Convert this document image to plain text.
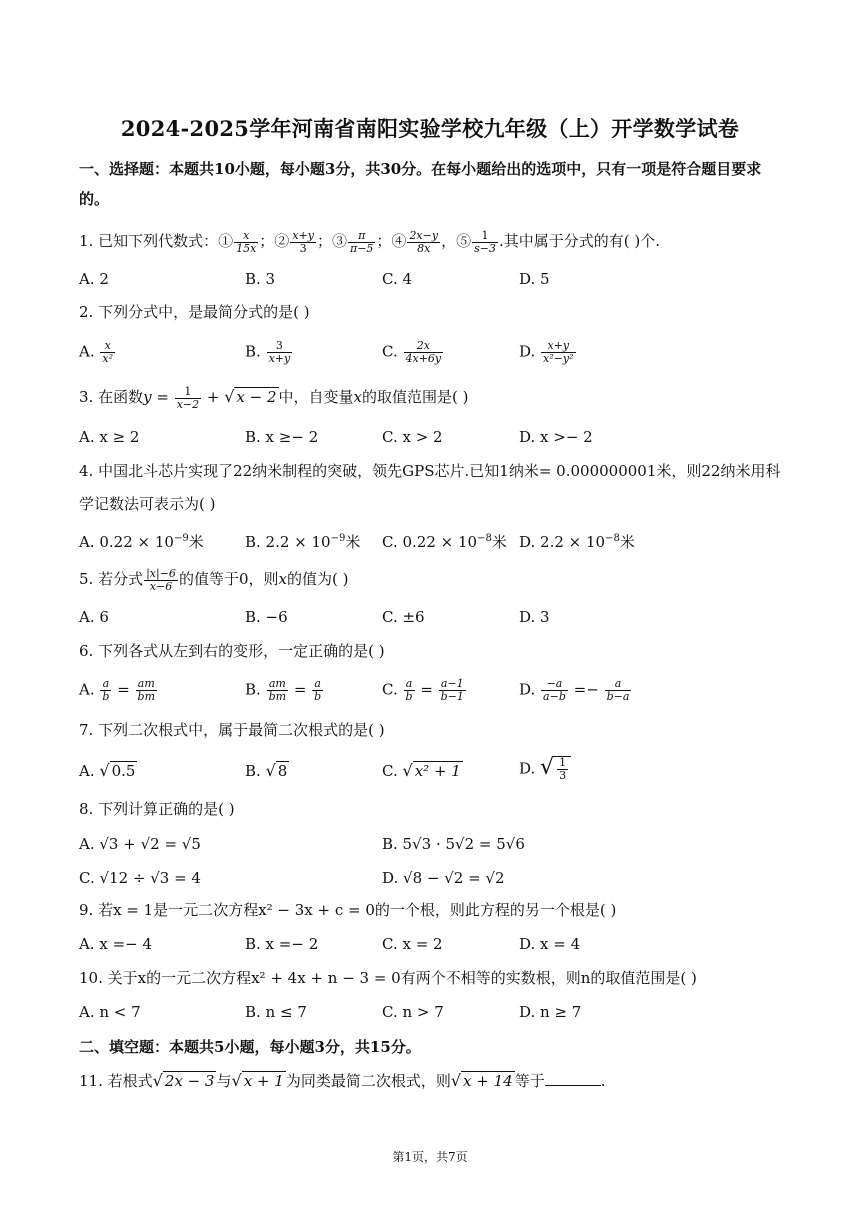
2024-2025学年河南省南阳实验学校九年级（上）开学数学试卷
一、选择题：本题共10小题，每小题3分，共30分。在每小题给出的选项中，只有一项是符合题目要求
的。
1. 已知下列代数式：① $\frac{x}{15x}$ ；② $\frac{x+y}{3}$ ；③ $\frac{\pi}{\pi-5}$ ；④ $\frac{2x-y}{8x}$ ，⑤ $\frac{1}{s-3}$ .其中属于分式的有( )个.
A. 2	B. 3	C. 4	D. 5
2. 下列分式中，是最简分式的是( )
A. $\frac{x}{\text{x²}}$	B. $\frac{3}{x+y}$	C. $\frac{2x}{4x+6y}$	D. $\frac{x+y}{\text{x²−y²}}$
3. 在函数$y = \frac{1}{x-2}$ + √ x − 2 中，自变量x的取值范围是( )
A. x ≥ 2	B. x ≥− 2	C. x > 2	D. x >− 2
4. 中国北斗芯片实现了22纳米制程的突破，领先GPS芯片.已知1纳米= 0.000000001米，则22纳米用科
学记数法可表示为( )
A. $0.22 \times 10^{-9}$米	B. $2.2 \times 10^{-9}$米 C. $0.22 \times 10^{-8}$米 D. $2.2 \times 10^{-8}$米
5. 若分式 $\frac{|x|-6}{x-6}$ 的值等于0，则x的值为( )
A. 6	B. −6	C. ±6	D. 3
6. 下列各式从左到右的变形，一定正确的是( )
A. $\frac{a}{b} = \frac{am}{bm}$	B. $\frac{am}{bm} = \frac{a}{b}$	C. $\frac{a}{b} = \frac{a-1}{b-1}$	D. $\frac{-a}{a-b} =- \frac{a}{b-a}$
7. 下列二次根式中，属于最简二次根式的是( )
A. √ 0.5	B. √ 8	C. √ x² + 1	D. √ $\frac{1}{3}$
8. 下列计算正确的是( )
A. √3 + √2 = √5	B. 5√3 · 5√2 = 5√6
C. √12 ÷ √3 = 4	D. √8 − √2 = √2
9. 若x = 1是一元二次方程x² − 3x + c = 0的一个根，则此方程的另一个根是( )
A. x =− 4	B. x =− 2	C. x = 2	D. x = 4
10. 关于x的一元二次方程x² + 4x + n − 3 = 0有两个不相等的实数根，则n的取值范围是( )
A. n < 7	B. n ≤ 7	C. n > 7	D. n ≥ 7
二、填空题：本题共5小题，每小题3分，共15分。
11. 若根式√ 2x − 3 与√ x + 1 为同类最简二次根式，则√ x + 14 等于	.
第1页，共7页
